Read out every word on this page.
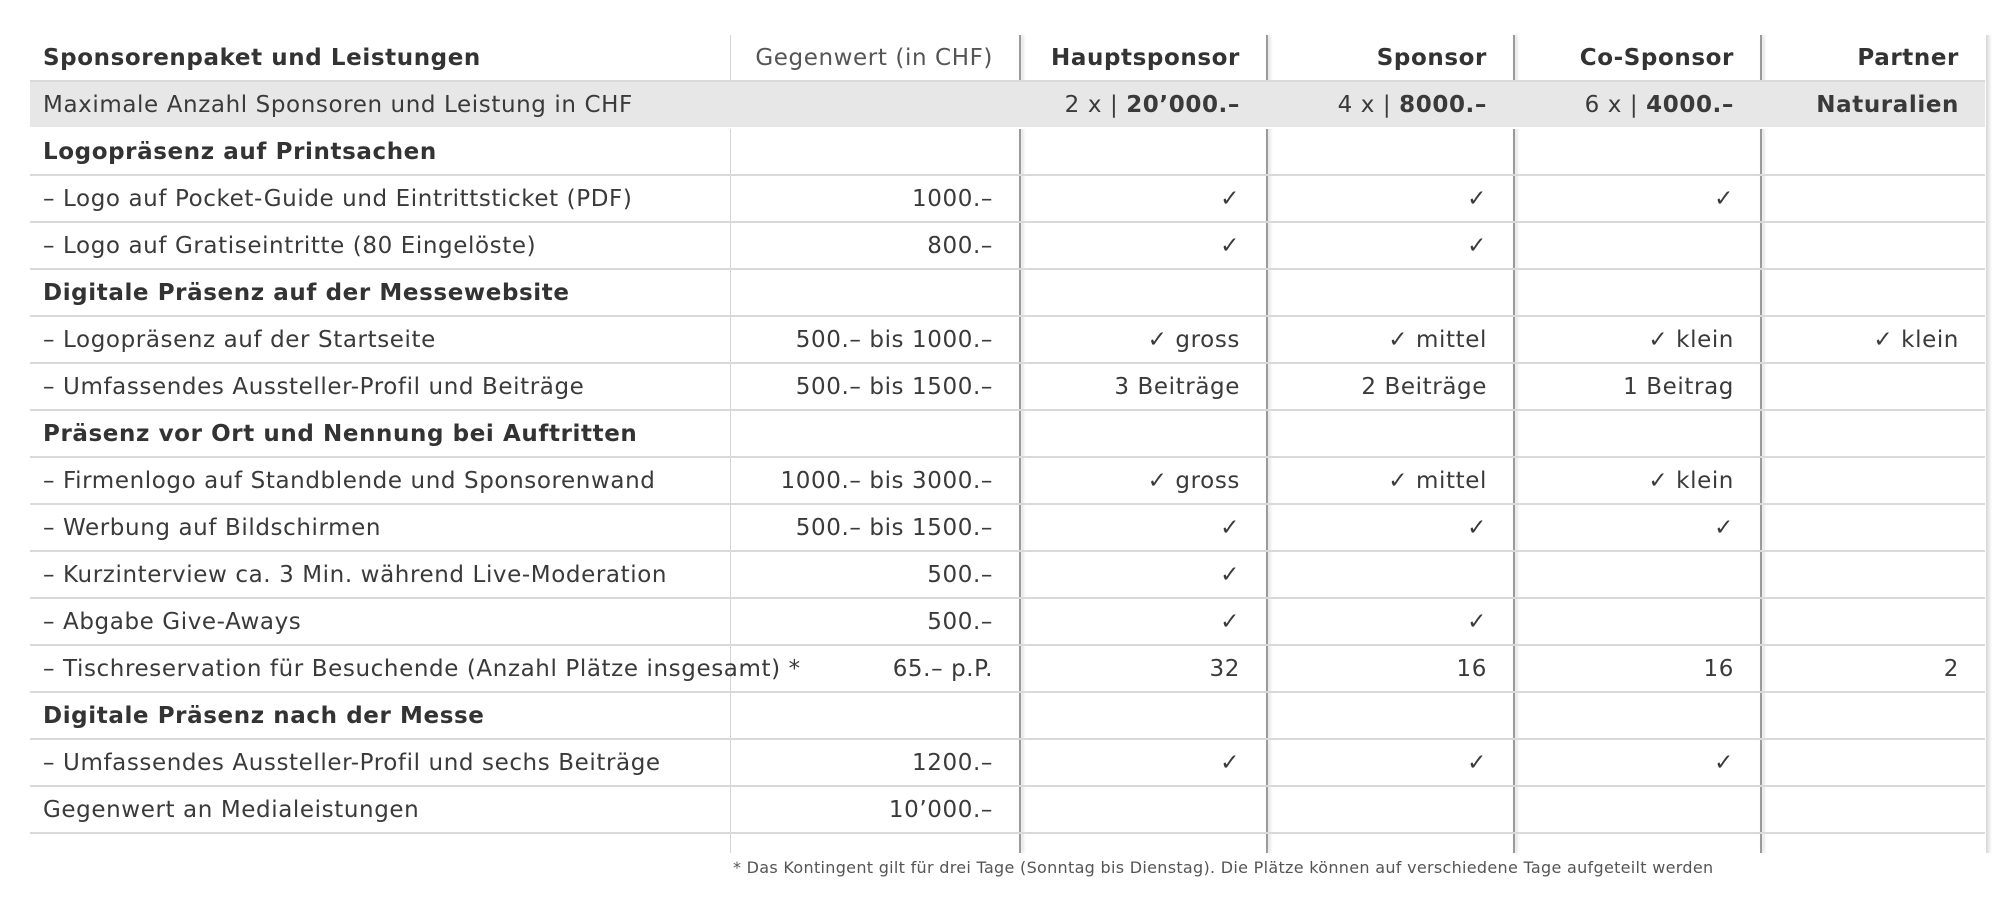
Sponsorenpaket und Leistungen	Gegenwert (in CHF)	Hauptsponsor	Sponsor	Co-Sponsor	Partner
Maximale Anzahl Sponsoren und Leistung in CHF		2 x | 20’000.–	4 x | 8000.–	6 x | 4000.–	Naturalien
Logopräsenz auf Printsachen					
– Logo auf Pocket-Guide und Eintrittsticket (PDF)	1000.–	✓	✓	✓	
– Logo auf Gratiseintritte (80 Eingelöste)	800.–	✓	✓		
Digitale Präsenz auf der Messewebsite					
– Logopräsenz auf der Startseite	500.– bis 1000.–	✓ gross	✓ mittel	✓ klein	✓ klein
– Umfassendes Aussteller-Profil und Beiträge	500.– bis 1500.–	3 Beiträge	2 Beiträge	1 Beitrag	
Präsenz vor Ort und Nennung bei Auftritten					
– Firmenlogo auf Standblende und Sponsorenwand	1000.– bis 3000.–	✓ gross	✓ mittel	✓ klein	
– Werbung auf Bildschirmen	500.– bis 1500.–	✓	✓	✓	
– Kurzinterview ca. 3 Min. während Live-Moderation	500.–	✓			
– Abgabe Give-Aways	500.–	✓	✓		
– Tischreservation für Besuchende (Anzahl Plätze insgesamt) *	65.– p.P.	32	16	16	2
Digitale Präsenz nach der Messe					
– Umfassendes Aussteller-Profil und sechs Beiträge	1200.–	✓	✓	✓	
Gegenwert an Medialeistungen	10’000.–				
* Das Kontingent gilt für drei Tage (Sonntag bis Dienstag). Die Plätze können auf verschiedene Tage aufgeteilt werden
